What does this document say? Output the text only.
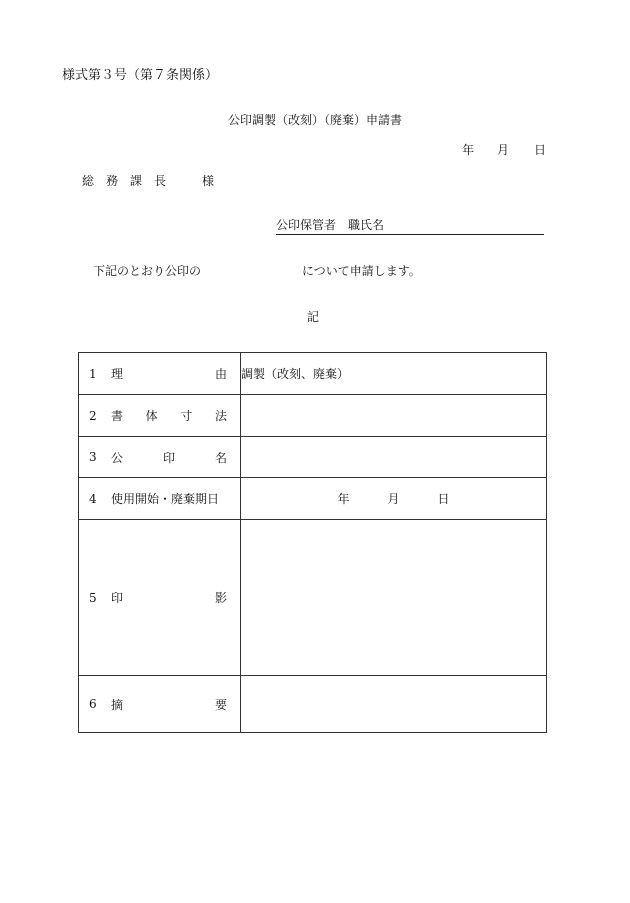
様式第３号（第７条関係）
公印調製（改刻）（廃棄）申請書
年 月 日
総　務　課　長　　　様
公印保管者　職氏名
下記のとおり公印の	について申請します。
記
1 理 由	調製（改刻、廃棄）

2 書 体 寸 法	

3 公 印 名	

4 使用開始・廃棄期日	年 月 日

5 印 影	

6 摘 要	
